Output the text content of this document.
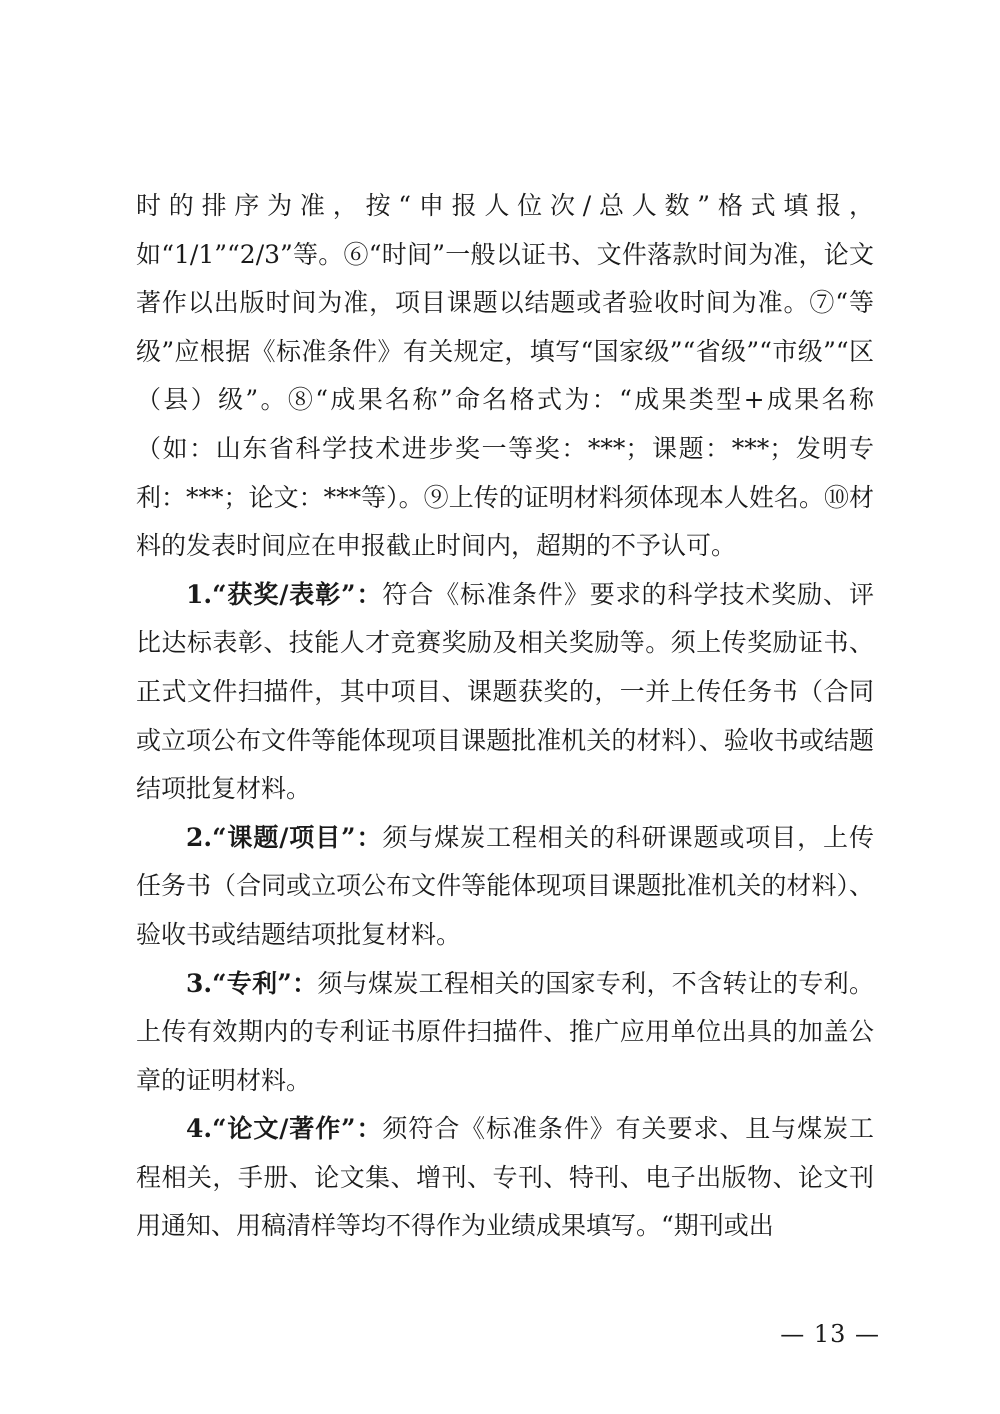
时的排序为准，按“申报人位次/总人数”格式填报，如“1/1”“2/3”等。⑥“时间”一般以证书、文件落款时间为准，论文著作以出版时间为准，项目课题以结题或者验收时间为准。⑦“等级”应根据《标准条件》有关规定，填写“国家级”“省级”“市级”“区（县）级”。⑧“成果名称”命名格式为：“成果类型+成果名称（如：山东省科学技术进步奖一等奖：***；课题：***；发明专利：***；论文：***等）。⑨上传的证明材料须体现本人姓名。⑩材料的发表时间应在申报截止时间内，超期的不予认可。

1.“获奖/表彰”：符合《标准条件》要求的科学技术奖励、评比达标表彰、技能人才竞赛奖励及相关奖励等。须上传奖励证书、正式文件扫描件，其中项目、课题获奖的，一并上传任务书（合同或立项公布文件等能体现项目课题批准机关的材料）、验收书或结题结项批复材料。

2.“课题/项目”：须与煤炭工程相关的科研课题或项目，上传任务书（合同或立项公布文件等能体现项目课题批准机关的材料）、验收书或结题结项批复材料。

3.“专利”：须与煤炭工程相关的国家专利，不含转让的专利。上传有效期内的专利证书原件扫描件、推广应用单位出具的加盖公章的证明材料。

4.“论文/著作”：须符合《标准条件》有关要求、且与煤炭工程相关，手册、论文集、增刊、专刊、特刊、电子出版物、论文刊用通知、用稿清样等均不得作为业绩成果填写。“期刊或出

— 13 —
